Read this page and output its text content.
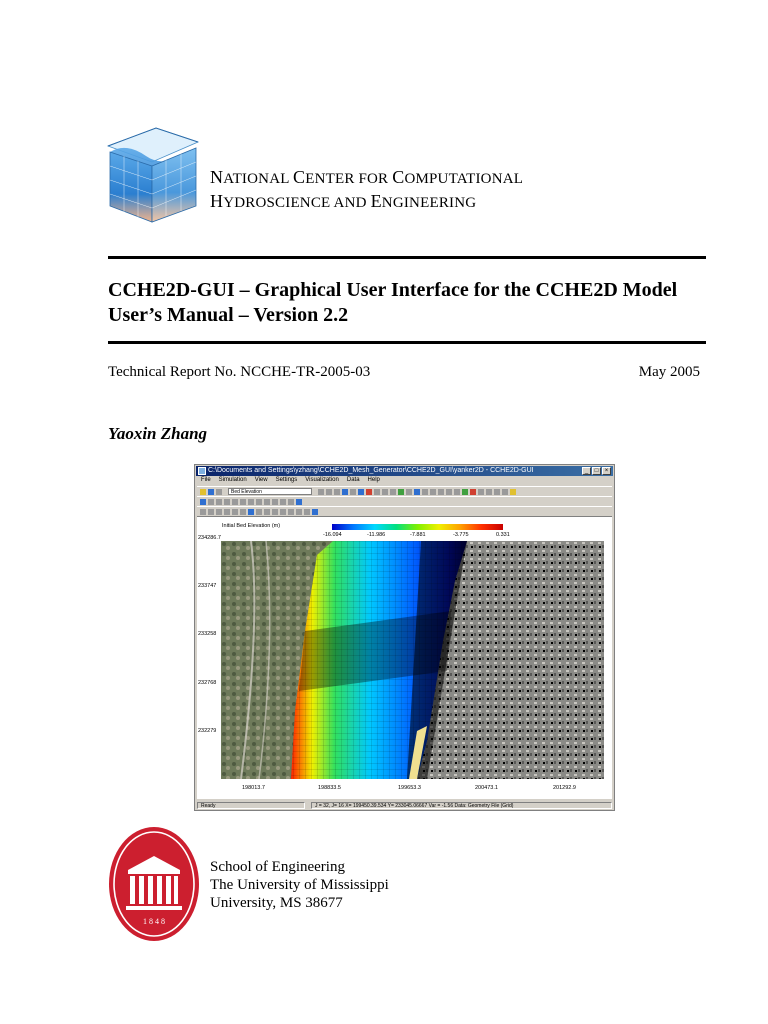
NATIONAL CENTER FOR COMPUTATIONAL
HYDROSCIENCE AND ENGINEERING
CCHE2D-GUI – Graphical User Interface for the CCHE2D Model
User’s Manual – Version 2.2
Technical Report No. NCCHE-TR-2005-03	May 2005
Yaoxin Zhang
C:\Documents and Settings\yzhang\CCHE2D_Mesh_Generator\CCHE2D_GUI\yanker2D - CCHE2D-GUI	_	□	×
File Simulation View Settings Visualization Data Help
Bed Elevation
Initial Bed Elevation (m)
-16.094	-11.986	-7.881	-3.775	0.331
234286.7
233747
233258
232768
232279
198013.7	198833.5	199653.3	200473.1	201292.9
Ready	J = 32, J= 16 X= 199450.39.534 Y= 233045.06667 Var = -1.56 Data: Geometry File (Grid)
1 8 4 8
School of Engineering
The University of Mississippi
University, MS 38677
